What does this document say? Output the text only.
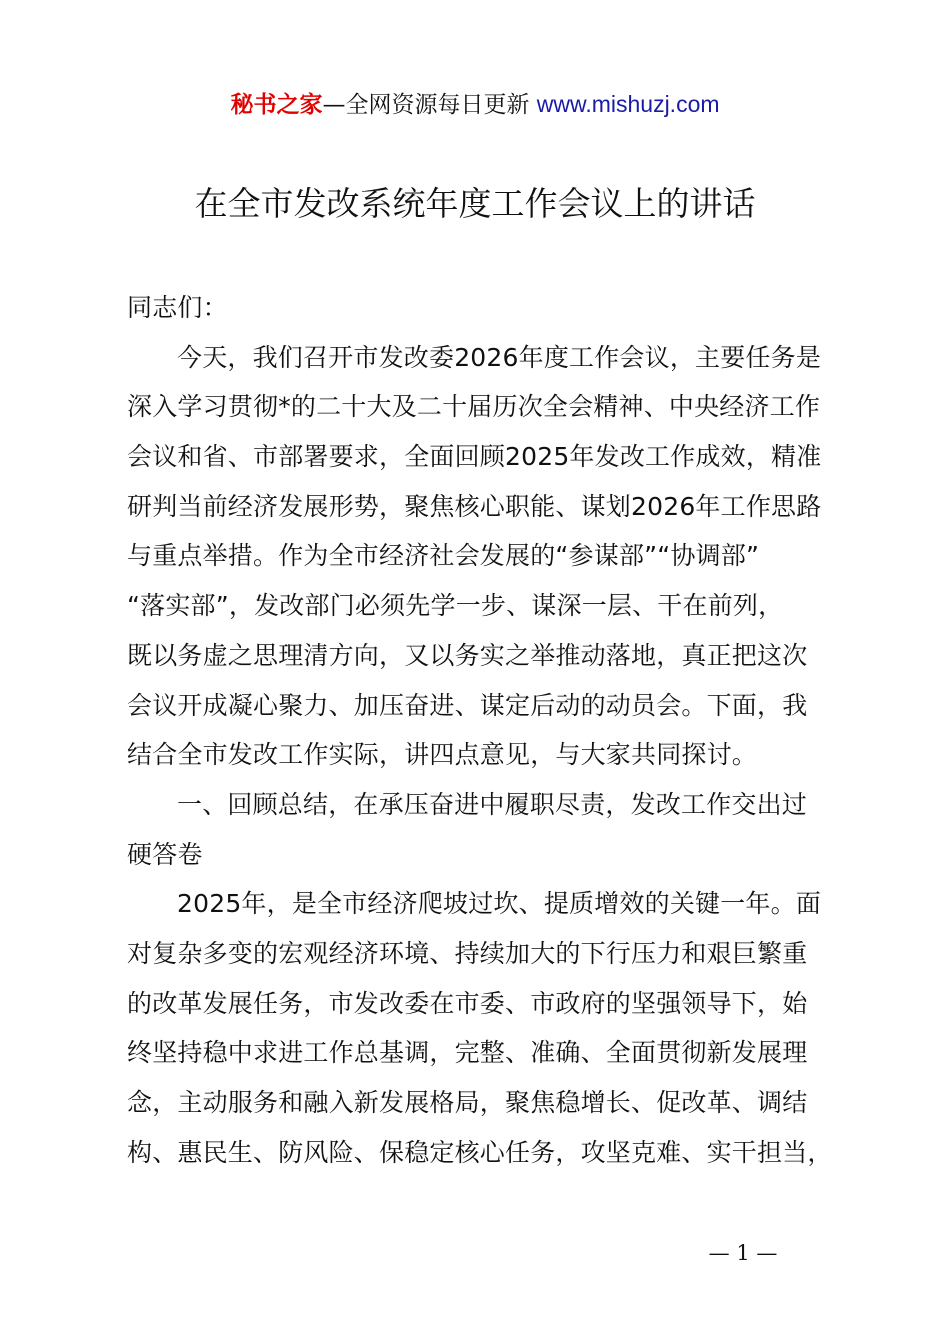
秘书之家—全网资源每日更新 www.mishuzj.com
在全市发改系统年度工作会议上的讲话
同志们：
今天，我们召开市发改委2026年度工作会议，主要任务是
深入学习贯彻*的二十大及二十届历次全会精神、中央经济工作
会议和省、市部署要求，全面回顾2025年发改工作成效，精准
研判当前经济发展形势，聚焦核心职能、谋划2026年工作思路
与重点举措。作为全市经济社会发展的“参谋部”“协调部”
“落实部”，发改部门必须先学一步、谋深一层、干在前列，
既以务虚之思理清方向，又以务实之举推动落地，真正把这次
会议开成凝心聚力、加压奋进、谋定后动的动员会。下面，我
结合全市发改工作实际，讲四点意见，与大家共同探讨。
一、回顾总结，在承压奋进中履职尽责，发改工作交出过
硬答卷
2025年，是全市经济爬坡过坎、提质增效的关键一年。面
对复杂多变的宏观经济环境、持续加大的下行压力和艰巨繁重
的改革发展任务，市发改委在市委、市政府的坚强领导下，始
终坚持稳中求进工作总基调，完整、准确、全面贯彻新发展理
念，主动服务和融入新发展格局，聚焦稳增长、促改革、调结
构、惠民生、防风险、保稳定核心任务，攻坚克难、实干担当，
— 1 —
